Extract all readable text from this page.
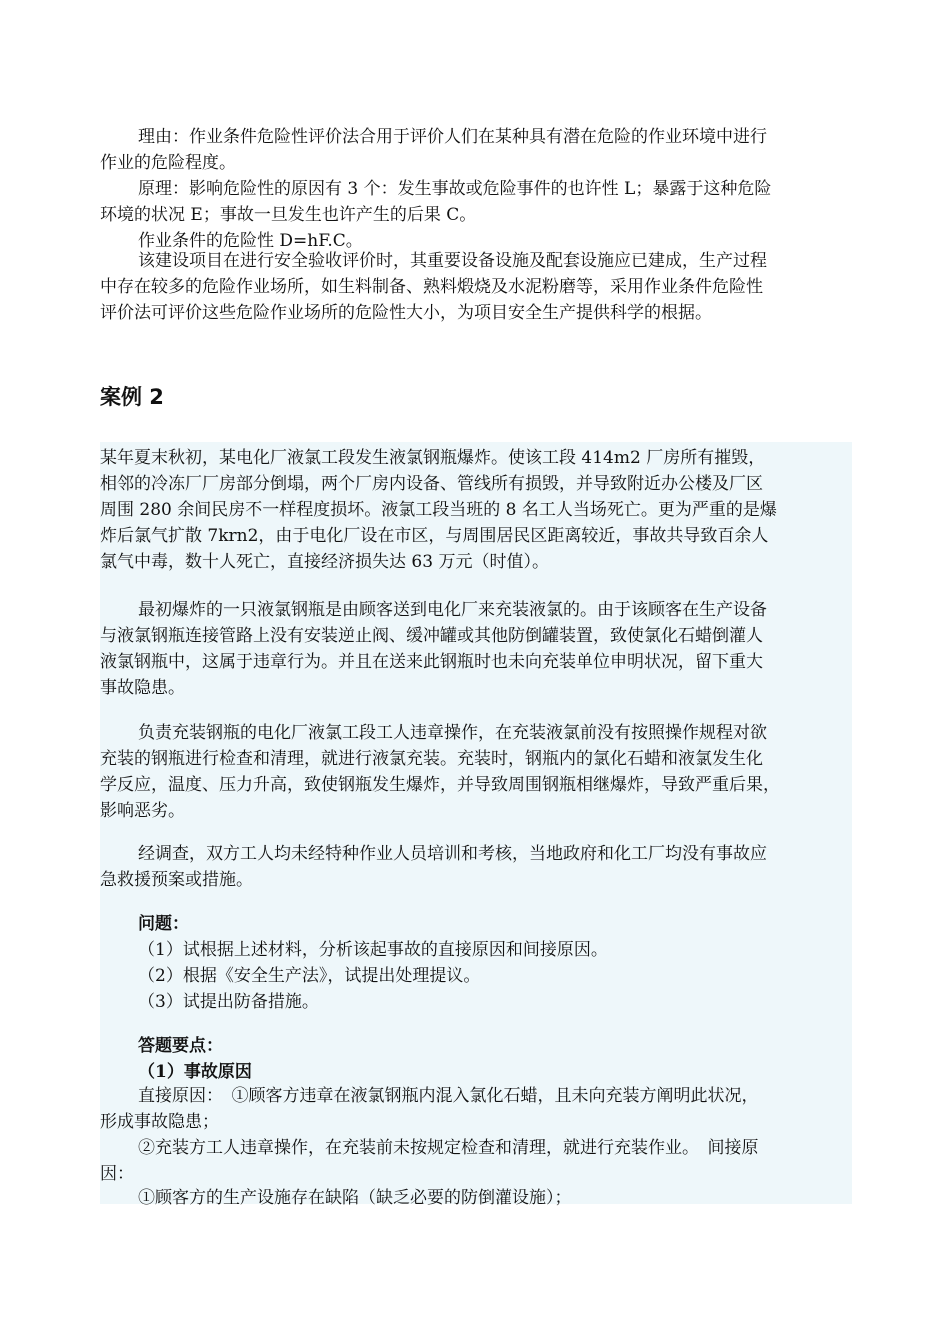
理由：作业条件危险性评价法合用于评价人们在某种具有潜在危险的作业环境中进行
作业的危险程度。
原理：影响危险性的原因有 3 个：发生事故或危险事件的也许性 L；暴露于这种危险
环境的状况 E；事故一旦发生也许产生的后果 C。
作业条件的危险性 D=hF.C。
该建设项目在进行安全验收评价时，其重要设备设施及配套设施应已建成，生产过程
中存在较多的危险作业场所，如生料制备、熟料煅烧及水泥粉磨等，采用作业条件危险性
评价法可评价这些危险作业场所的危险性大小，为项目安全生产提供科学的根据。
案例 2
某年夏末秋初，某电化厂液氯工段发生液氯钢瓶爆炸。使该工段 414m2 厂房所有摧毁，
相邻的冷冻厂厂房部分倒塌，两个厂房内设备、管线所有损毁，并导致附近办公楼及厂区
周围 280 余间民房不一样程度损坏。液氯工段当班的 8 名工人当场死亡。更为严重的是爆
炸后氯气扩散 7krn2，由于电化厂设在市区，与周围居民区距离较近，事故共导致百余人
氯气中毒，数十人死亡，直接经济损失达 63 万元（时值）。
最初爆炸的一只液氯钢瓶是由顾客送到电化厂来充装液氯的。由于该顾客在生产设备
与液氯钢瓶连接管路上没有安装逆止阀、缓冲罐或其他防倒罐装置，致使氯化石蜡倒灌人
液氯钢瓶中，这属于违章行为。并且在送来此钢瓶时也未向充装单位申明状况，留下重大
事故隐患。
负责充装钢瓶的电化厂液氯工段工人违章操作，在充装液氯前没有按照操作规程对欲
充装的钢瓶进行检查和清理，就进行液氯充装。充装时，钢瓶内的氯化石蜡和液氯发生化
学反应，温度、压力升高，致使钢瓶发生爆炸，并导致周围钢瓶相继爆炸，导致严重后果，
影响恶劣。
经调查，双方工人均未经特种作业人员培训和考核，当地政府和化工厂均没有事故应
急救援预案或措施。
问题：
（1）试根据上述材料，分析该起事故的直接原因和间接原因。
（2）根据《安全生产法》，试提出处理提议。
（3）试提出防备措施。
答题要点：
（1）事故原因
直接原因：　①顾客方违章在液氯钢瓶内混入氯化石蜡，且未向充装方阐明此状况，
形成事故隐患；
②充装方工人违章操作，在充装前未按规定检查和清理，就进行充装作业。　间接原
因：
①顾客方的生产设施存在缺陷（缺乏必要的防倒灌设施）；
